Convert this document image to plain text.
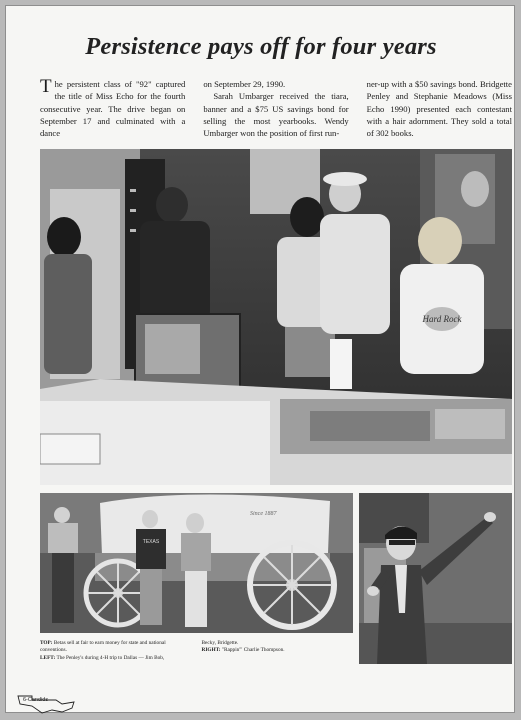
Persistence pays off for four years

The persistent class of "92" captured the title of Miss Echo for the fourth consecutive year. The drive began on September 17 and culminated with a dance

on September 29, 1990.

Sarah Umbarger received the tiara, banner and a $75 US savings bond for selling the most yearbooks. Wendy Umbarger won the position of first run-

ner-up with a $50 savings bond. Bridgette Penley and Stephanie Meadows (Miss Echo 1990) presented each contestant with a hair adornment. They sold a total of 302 books.

Hard Rock
Since 1887
TEXAS

TOP: Betas sell at fair to earn money for state and national conventions.

LEFT: The Penley's during 4-H trip to Dallas — Jim Bob,

Becky, Bridgette.

RIGHT: "Rappin'" Charlie Thompson.

6-Candids
